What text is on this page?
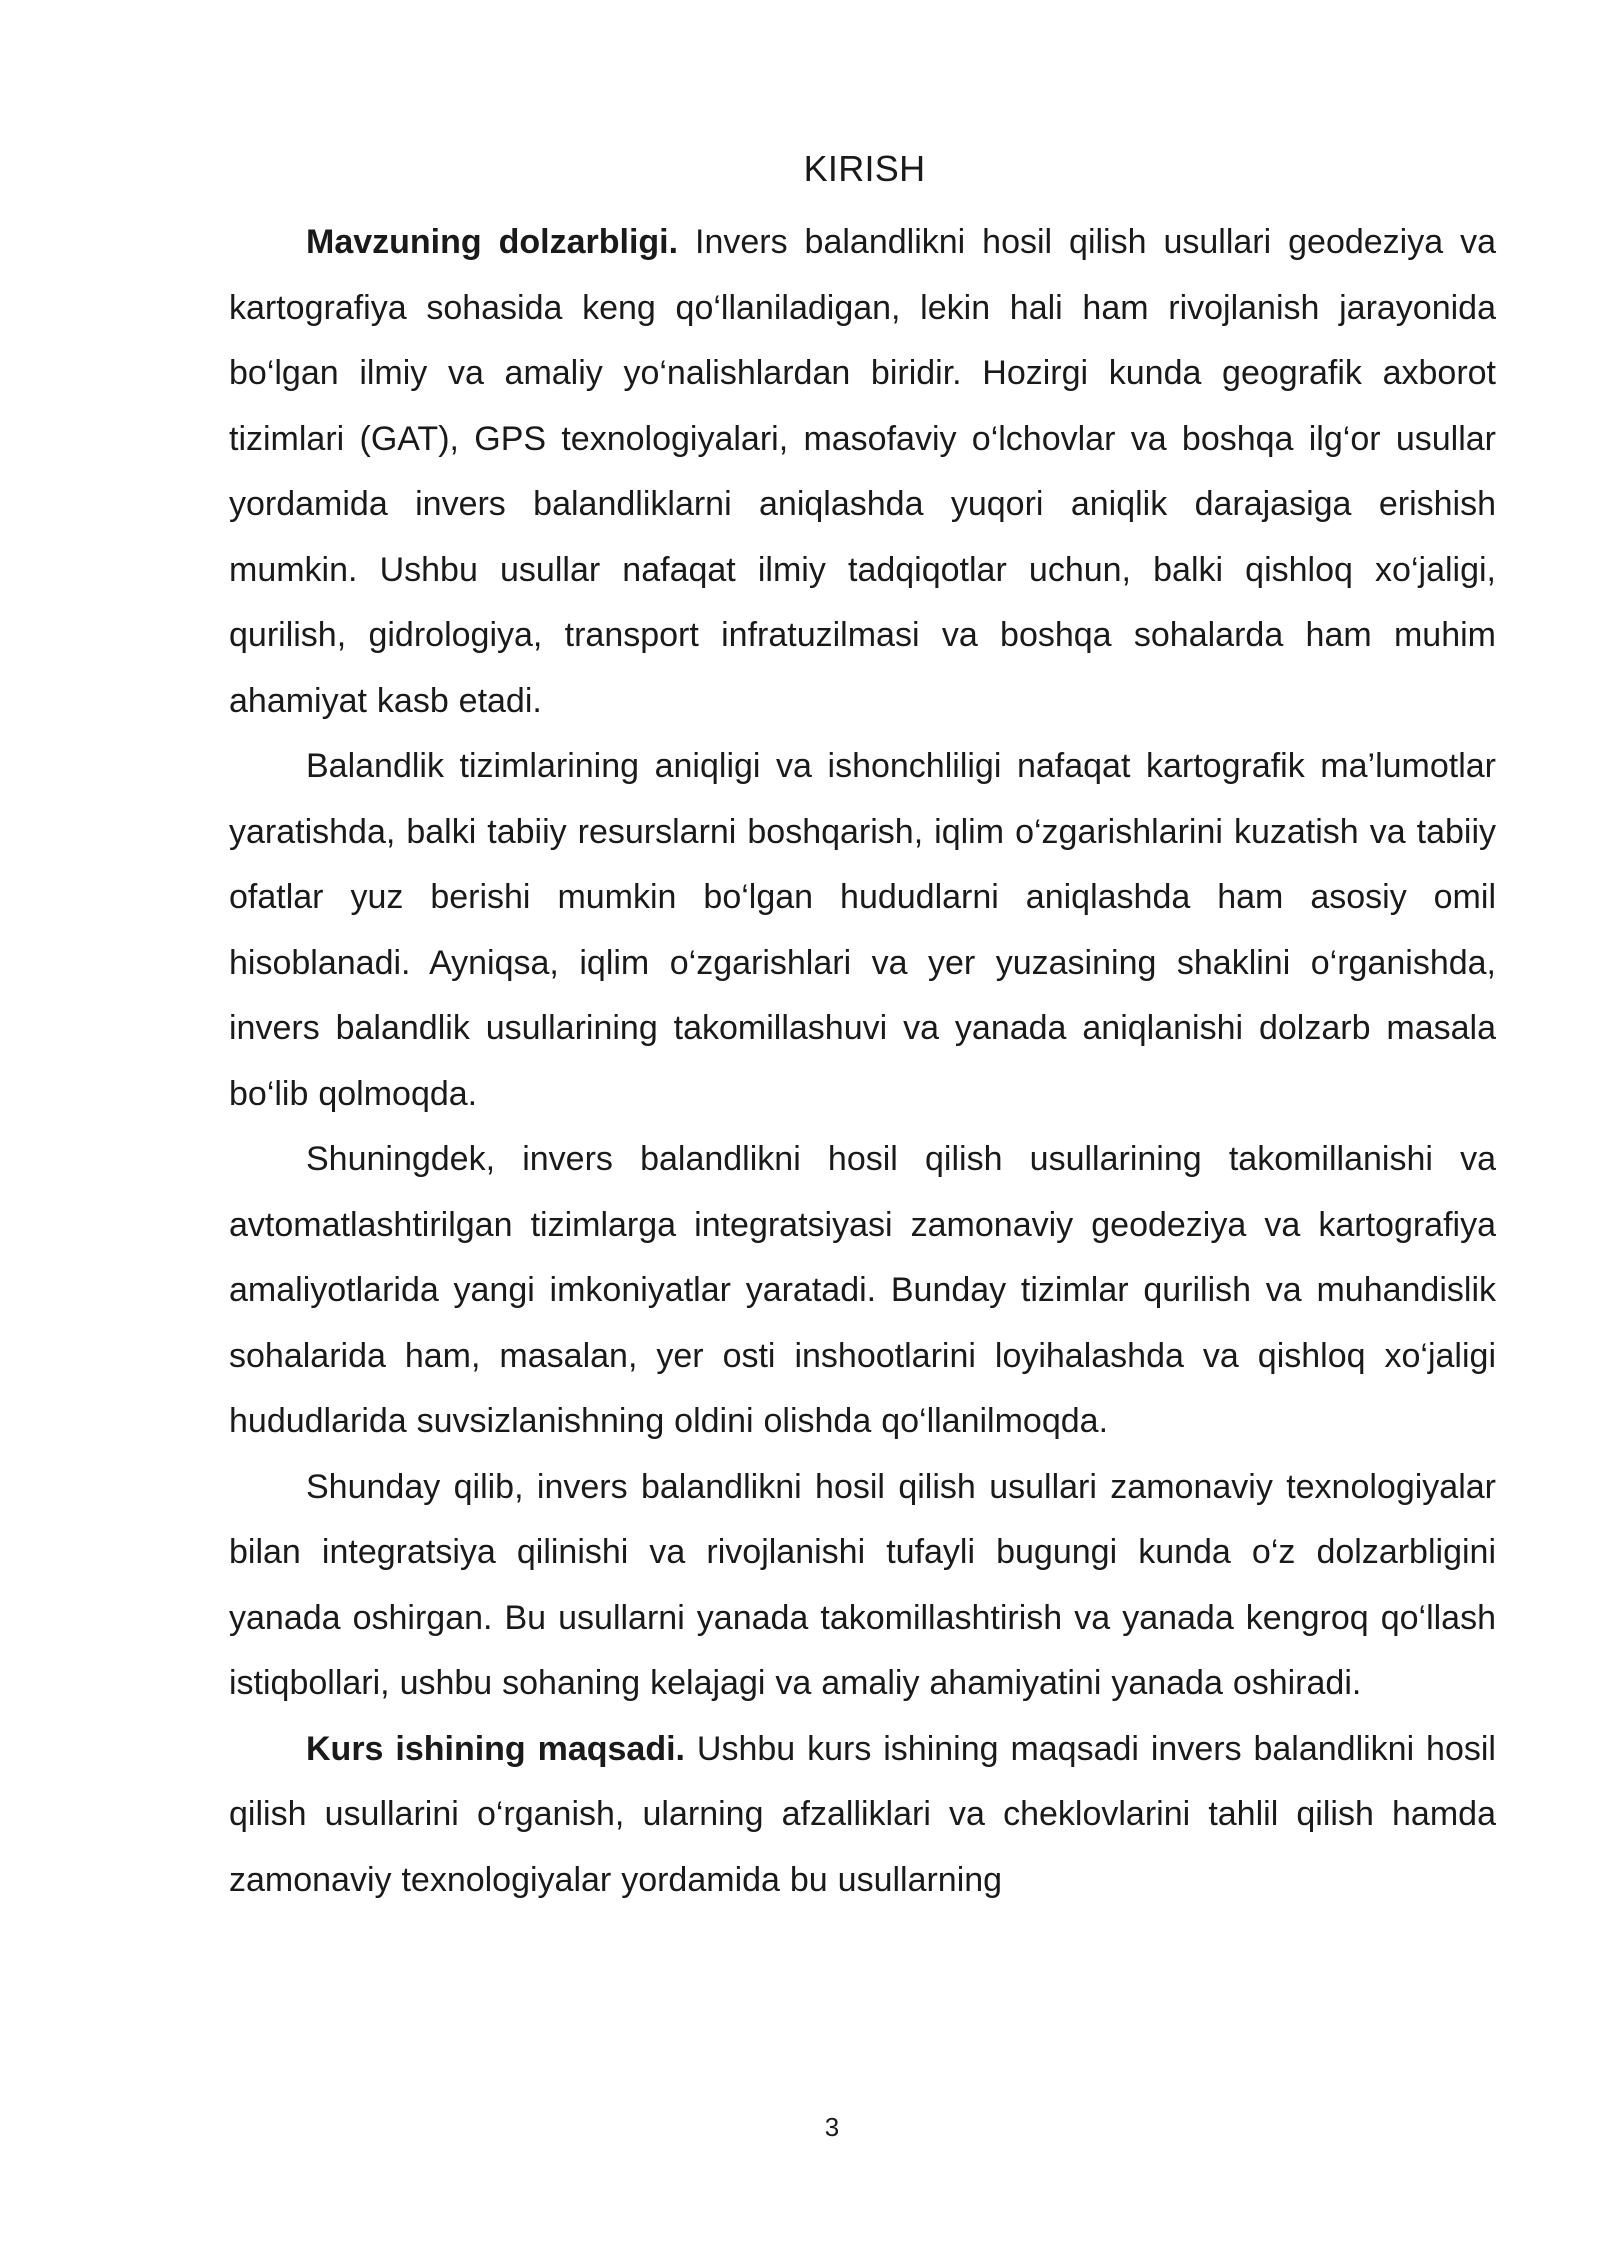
KIRISH

Mavzuning dolzarbligi. Invers balandlikni hosil qilish usullari geodeziya va kartografiya sohasida keng qo‘llaniladigan, lekin hali ham rivojlanish jarayonida bo‘lgan ilmiy va amaliy yo‘nalishlardan biridir. Hozirgi kunda geografik axborot tizimlari (GAT), GPS texnologiyalari, masofaviy o‘lchovlar va boshqa ilg‘or usullar yordamida invers balandliklarni aniqlashda yuqori aniqlik darajasiga erishish mumkin. Ushbu usullar nafaqat ilmiy tadqiqotlar uchun, balki qishloq xo‘jaligi, qurilish, gidrologiya, transport infratuzilmasi va boshqa sohalarda ham muhim ahamiyat kasb etadi.

Balandlik tizimlarining aniqligi va ishonchliligi nafaqat kartografik ma’lumotlar yaratishda, balki tabiiy resurslarni boshqarish, iqlim o‘zgarishlarini kuzatish va tabiiy ofatlar yuz berishi mumkin bo‘lgan hududlarni aniqlashda ham asosiy omil hisoblanadi. Ayniqsa, iqlim o‘zgarishlari va yer yuzasining shaklini o‘rganishda, invers balandlik usullarining takomillashuvi va yanada aniqlanishi dolzarb masala bo‘lib qolmoqda.

Shuningdek, invers balandlikni hosil qilish usullarining takomillanishi va avtomatlashtirilgan tizimlarga integratsiyasi zamonaviy geodeziya va kartografiya amaliyotlarida yangi imkoniyatlar yaratadi. Bunday tizimlar qurilish va muhandislik sohalarida ham, masalan, yer osti inshootlarini loyihalashda va qishloq xo‘jaligi hududlarida suvsizlanishning oldini olishda qo‘llanilmoqda.

Shunday qilib, invers balandlikni hosil qilish usullari zamonaviy texnologiyalar bilan integratsiya qilinishi va rivojlanishi tufayli bugungi kunda o‘z dolzarbligini yanada oshirgan. Bu usullarni yanada takomillashtirish va yanada kengroq qo‘llash istiqbollari, ushbu sohaning kelajagi va amaliy ahamiyatini yanada oshiradi.

Kurs ishining maqsadi. Ushbu kurs ishining maqsadi invers balandlikni hosil qilish usullarini o‘rganish, ularning afzalliklari va cheklovlarini tahlil qilish hamda zamonaviy texnologiyalar yordamida bu usullarning

3
